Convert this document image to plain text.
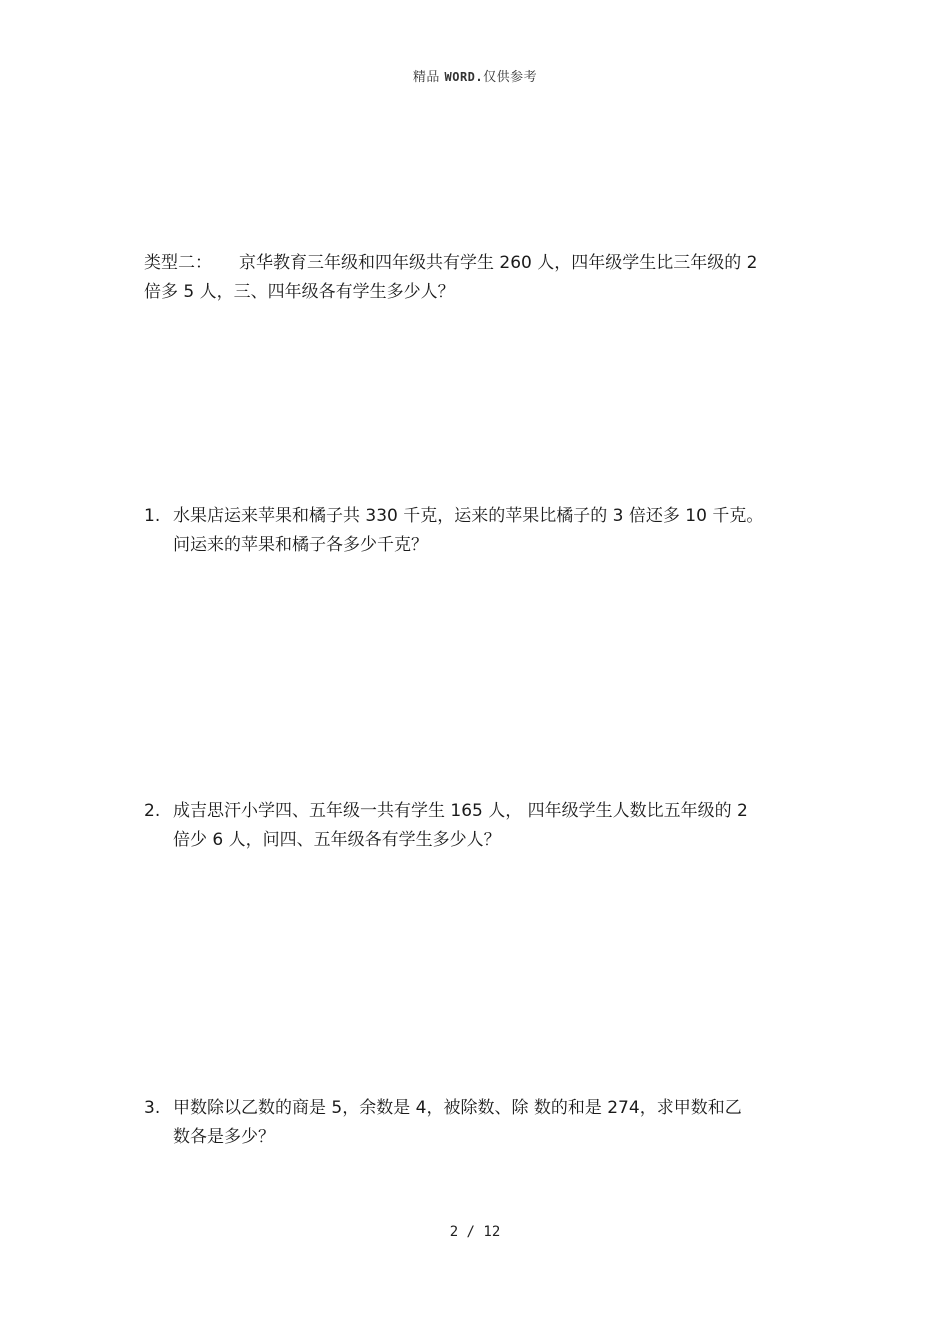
精品 WORD.仅供参考
类型二： 京华教育三年级和四年级共有学生 260 人，四年级学生比三年级的 2
倍多 5 人，三、四年级各有学生多少人？
1. 水果店运来苹果和橘子共 330 千克，运来的苹果比橘子的 3 倍还多 10 千克。
问运来的苹果和橘子各多少千克？
2. 成吉思汗小学四、五年级一共有学生 165 人， 四年级学生人数比五年级的 2
倍少 6 人，问四、五年级各有学生多少人？
3. 甲数除以乙数的商是 5，余数是 4，被除数、除 数的和是 274，求甲数和乙
数各是多少？
2 / 12
